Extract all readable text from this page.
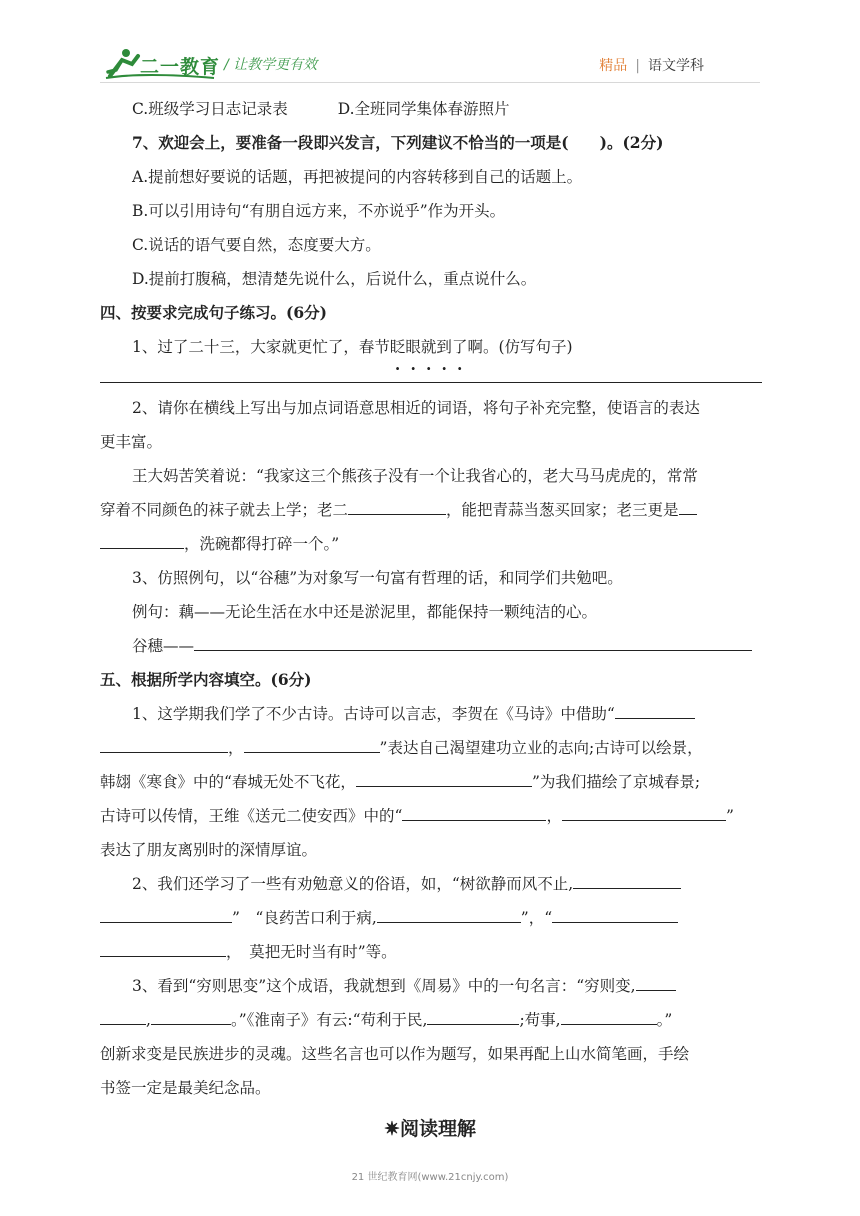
二一教育 / 让教学更有效	精品 | 语文学科

C.班级学习日志记录表	D.全班同学集体春游照片

7、欢迎会上，要准备一段即兴发言，下列建议不恰当的一项是(　　)。(2分)

A.提前想好要说的话题，再把被提问的内容转移到自己的话题上。

B.可以引用诗句“有朋自远方来，不亦说乎”作为开头。

C.说话的语气要自然，态度要大方。

D.提前打腹稿，想清楚先说什么，后说什么，重点说什么。

四、按要求完成句子练习。(6分)

1、过了二十三，大家就更忙了，春节眨眼就到了啊。(仿写句子)

2、请你在横线上写出与加点词语意思相近的词语，将句子补充完整，使语言的表达

更丰富。

王大妈苦笑着说：“我家这三个熊孩子没有一个让我省心的，老大马马虎虎的，常常

穿着不同颜色的袜子就去上学；老二	，能把青蒜当葱买回家；老三更是

，洗碗都得打碎一个。”

3、仿照例句，以“谷穗”为对象写一句富有哲理的话，和同学们共勉吧。

例句：藕——无论生活在水中还是淤泥里，都能保持一颗纯洁的心。

谷穗——

五、根据所学内容填空。(6分)

1、这学期我们学了不少古诗。古诗可以言志，李贺在《马诗》中借助“

，	”表达自己渴望建功立业的志向;古诗可以绘景，

韩翃《寒食》中的“春城无处不飞花，	”为我们描绘了京城春景;

古诗可以传情，王维《送元二使安西》中的“	，	”

表达了朋友离别时的深情厚谊。

2、我们还学习了一些有劝勉意义的俗语，如，“树欲静而风不止,

”　“良药苦口利于病,	”，“

，　莫把无时当有时”等。

3、看到“穷则思变”这个成语，我就想到《周易》中的一句名言：“穷则变,

,	。”《淮南子》有云:“苟利于民,	;苟事,	。”

创新求变是民族进步的灵魂。这些名言也可以作为题写，如果再配上山水简笔画，手绘

书签一定是最美纪念品。

✷阅读理解
21 世纪教育网(www.21cnjy.com)
